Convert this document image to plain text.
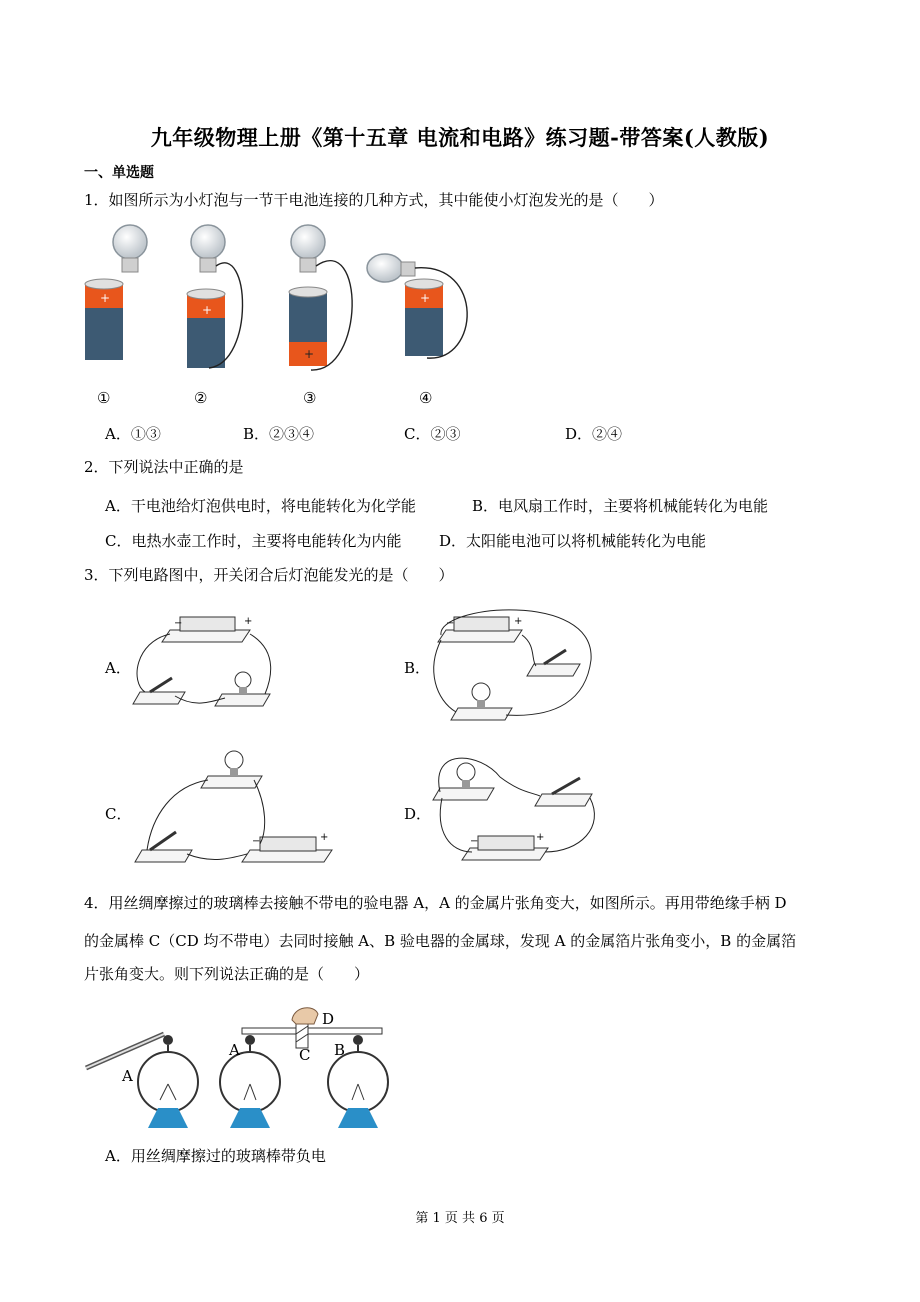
九年级物理上册《第十五章 电流和电路》练习题-带答案(人教版)
一、单选题
1．如图所示为小灯泡与一节干电池连接的几种方式，其中能使小灯泡发光的是（　　）
+
+
+
+
①	②	③	④
A．①③	B．②③④	C．②③	D．②④
2．下列说法中正确的是
A．干电池给灯泡供电时，将电能转化为化学能	B．电风扇工作时，主要将机械能转化为电能
C．电热水壶工作时，主要将电能转化为内能	D．太阳能电池可以将机械能转化为电能
3．下列电路图中，开关闭合后灯泡能发光的是（　　）
A．	B．
C．	D．
−	+	−	+
−	+	−	+
4．用丝绸摩擦过的玻璃棒去接触不带电的验电器 A，A 的金属片张角变大，如图所示。再用带绝缘手柄 D
的金属棒 C（CD 均不带电）去同时接触 A、B 验电器的金属球，发现 A 的金属箔片张角变小，B 的金属箔
片张角变大。则下列说法正确的是（　　）
A
A	C
D
B
A．用丝绸摩擦过的玻璃棒带负电
第 1 页 共 6 页
